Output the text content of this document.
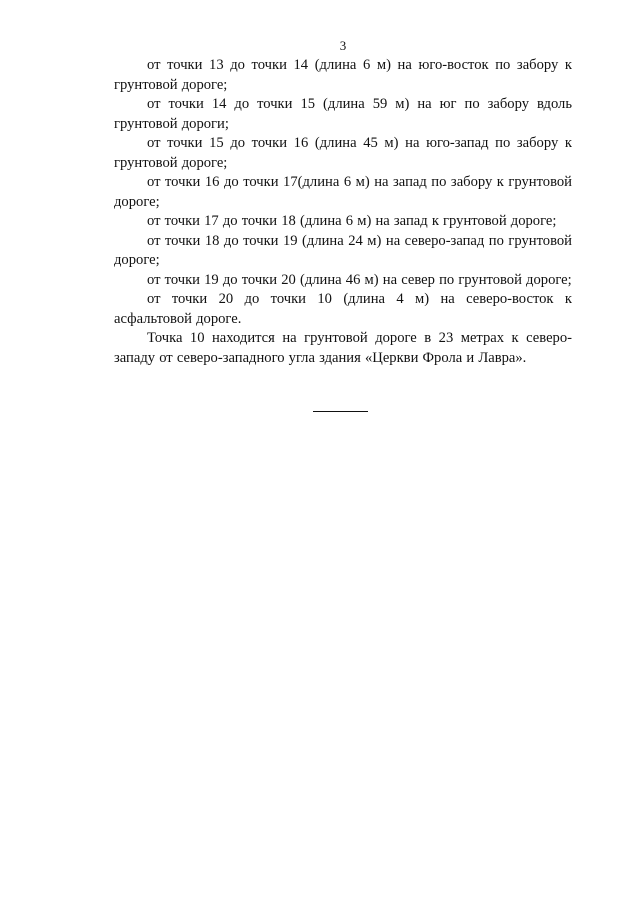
3

от точки 13 до точки 14 (длина 6 м) на юго-восток по забору к грунтовой дороге;

от точки 14 до точки 15 (длина 59 м) на юг по забору вдоль грунтовой дороги;

от точки 15 до точки 16 (длина 45 м) на юго-запад по забору к грунтовой дороге;

от точки 16 до точки 17(длина 6 м) на запад по забору к грунтовой дороге;

от точки 17 до точки 18 (длина 6 м) на запад к грунтовой дороге;

от точки 18 до точки 19 (длина 24 м) на северо-запад по грунтовой дороге;

от точки 19 до точки 20 (длина 46 м) на север по грунтовой дороге;

от точки 20 до точки 10 (длина 4 м) на северо-восток к асфальтовой дороге.

Точка 10 находится на грунтовой дороге в 23 метрах к северо-западу от северо-западного угла здания «Церкви Фрола и Лавра».
